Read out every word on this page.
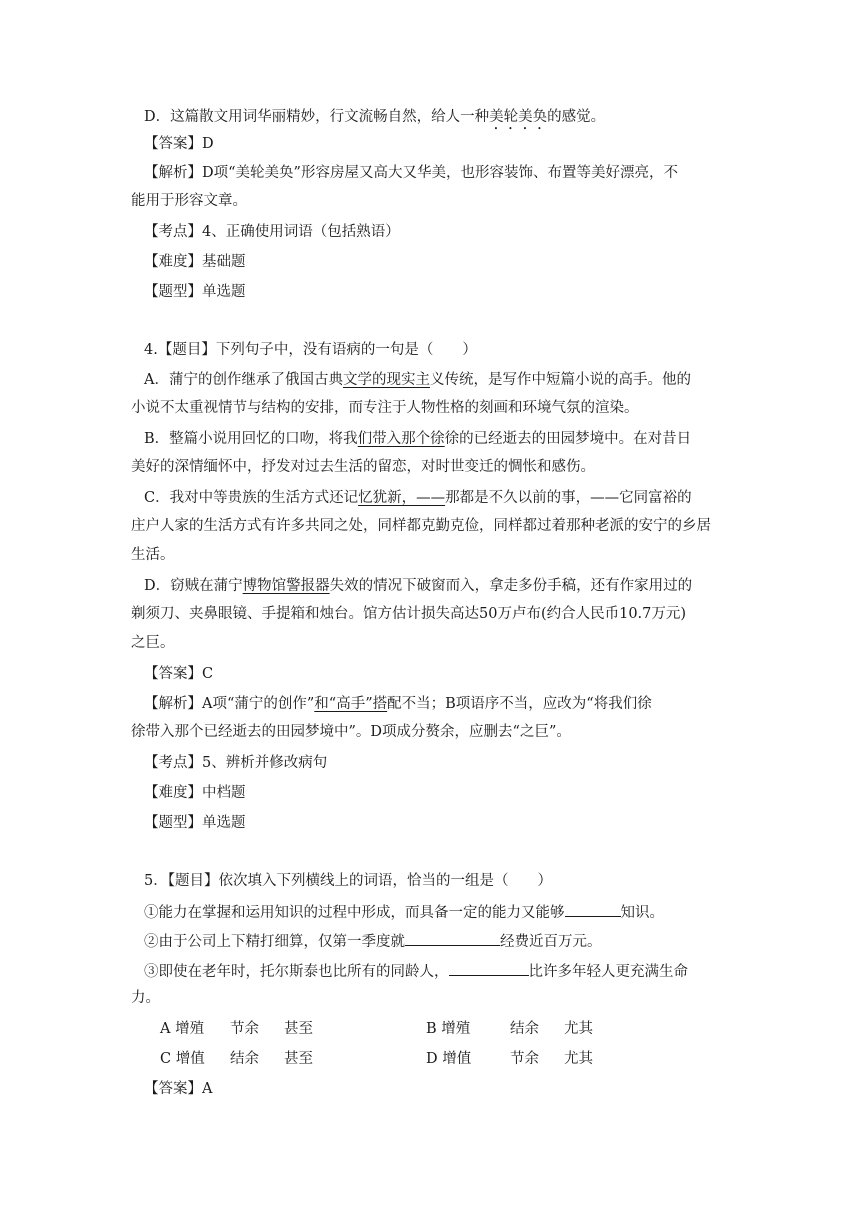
D．这篇散文用词华丽精妙，行文流畅自然，给人一种美轮美奂的感觉。
【答案】D
【解析】D项“美轮美奂”形容房屋又高大又华美，也形容装饰、布置等美好漂亮，不
能用于形容文章。
【考点】4、正确使用词语（包括熟语）
【难度】基础题
【题型】单选题
4.【题目】下列句子中，没有语病的一句是（　　）
A．蒲宁的创作继承了俄国古典文学的现实主义传统，是写作中短篇小说的高手。他的
小说不太重视情节与结构的安排，而专注于人物性格的刻画和环境气氛的渲染。
B．整篇小说用回忆的口吻，将我们带入那个徐徐的已经逝去的田园梦境中。在对昔日
美好的深情缅怀中，抒发对过去生活的留恋，对时世变迁的惆怅和感伤。
C．我对中等贵族的生活方式还记忆犹新，——那都是不久以前的事，——它同富裕的
庄户人家的生活方式有许多共同之处，同样都克勤克俭，同样都过着那种老派的安宁的乡居
生活。
D．窃贼在蒲宁博物馆警报器失效的情况下破窗而入，拿走多份手稿，还有作家用过的
剃须刀、夹鼻眼镜、手提箱和烛台。馆方估计损失高达50万卢布(约合人民币10.7万元)
之巨。
【答案】C
【解析】A项“蒲宁的创作”和“高手”搭配不当；B项语序不当，应改为“将我们徐
徐带入那个已经逝去的田园梦境中”。D项成分赘余，应删去“之巨”。
【考点】5、辨析并修改病句
【难度】中档题
【题型】单选题
5．【题目】依次填入下列横线上的词语，恰当的一组是（　　）
①能力在掌握和运用知识的过程中形成，而具备一定的能力又能够	知识。
②由于公司上下精打细算，仅第一季度就	经费近百万元。
③即使在老年时，托尔斯泰也比所有的同龄人，	比许多年轻人更充满生命
力。
A 增殖 节余 甚至	B 增殖	结余 尤其
C 增值 结余 甚至	D 增值	节余 尤其
【答案】A
